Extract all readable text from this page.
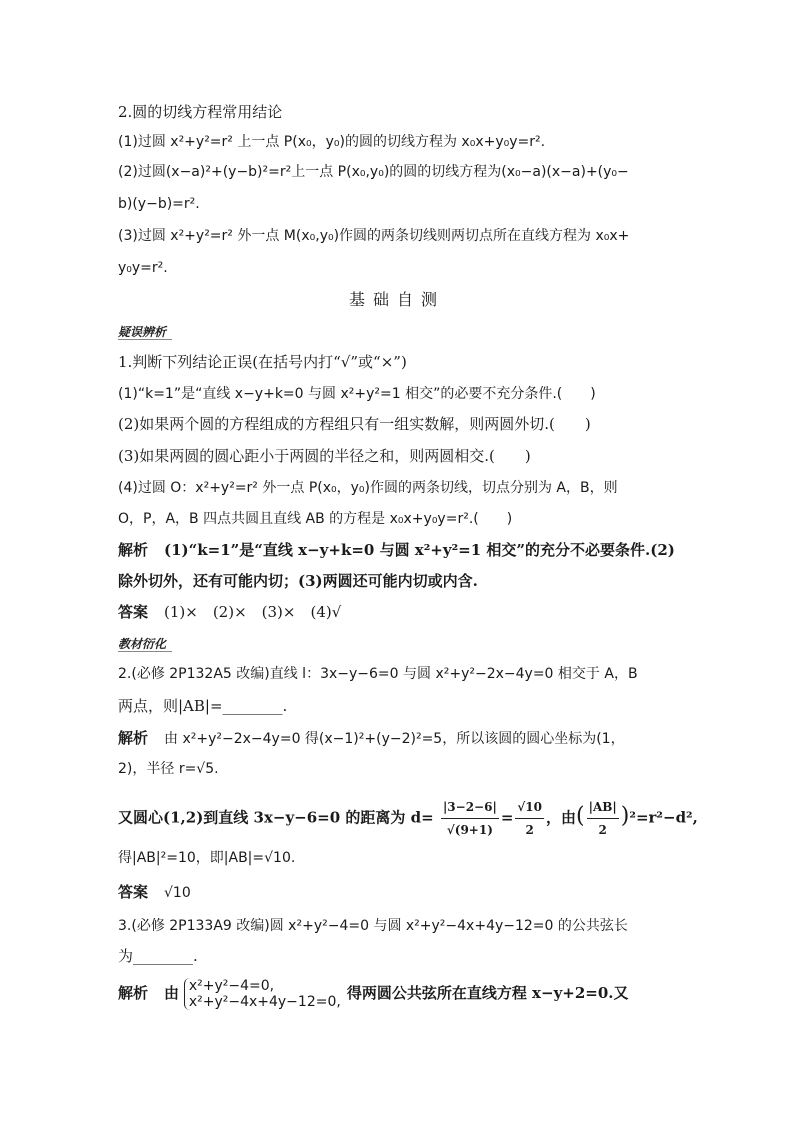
2.圆的切线方程常用结论
(1)过圆 x²+y²=r² 上一点 P(x₀，y₀)的圆的切线方程为 x₀x+y₀y=r².
(2)过圆(x−a)²+(y−b)²=r²上一点 P(x₀,y₀)的圆的切线方程为(x₀−a)(x−a)+(y₀−
b)(y−b)=r².
(3)过圆 x²+y²=r² 外一点 M(x₀,y₀)作圆的两条切线则两切点所在直线方程为 x₀x+
y₀y=r².
基础自测
疑误辨析
1.判断下列结论正误(在括号内打“√”或“×”)
(1)“k=1”是“直线 x−y+k=0 与圆 x²+y²=1 相交”的必要不充分条件.(　　)
(2)如果两个圆的方程组成的方程组只有一组实数解，则两圆外切.(　　)
(3)如果两圆的圆心距小于两圆的半径之和，则两圆相交.(　　)
(4)过圆 O：x²+y²=r² 外一点 P(x₀，y₀)作圆的两条切线，切点分别为 A，B，则
O，P，A，B 四点共圆且直线 AB 的方程是 x₀x+y₀y=r².(　　)
解析 (1)“k=1”是“直线 x−y+k=0 与圆 x²+y²=1 相交”的充分不必要条件.(2)
除外切外，还有可能内切；(3)两圆还可能内切或内含.
答案 (1)×　(2)×　(3)×　(4)√
教材衍化
2.(必修 2P132A5 改编)直线 l：3x−y−6=0 与圆 x²+y²−2x−4y=0 相交于 A，B
两点，则|AB|=________.
解析 由 x²+y²−2x−4y=0 得(x−1)²+(y−2)²=5，所以该圆的圆心坐标为(1，
2)，半径 r=√5.
又圆心(1,2)到直线 3x−y−6=0 的距离为 $d= \frac{|3-2-6|}{√(9+1)} = \frac{√10}{2}$ ，由( $\frac{|AB|}{2} )^2=r^2-d^2$,
得|AB|²=10，即|AB|=√10.
答案 √10
3.(必修 2P133A9 改编)圆 x²+y²−4=0 与圆 x²+y²−4x+4y−12=0 的公共弦长
为________.
解析 由 x²+y²−4=0,
x²+y²−4x+4y−12=0, 得两圆公共弦所在直线方程 x−y+2=0.又
